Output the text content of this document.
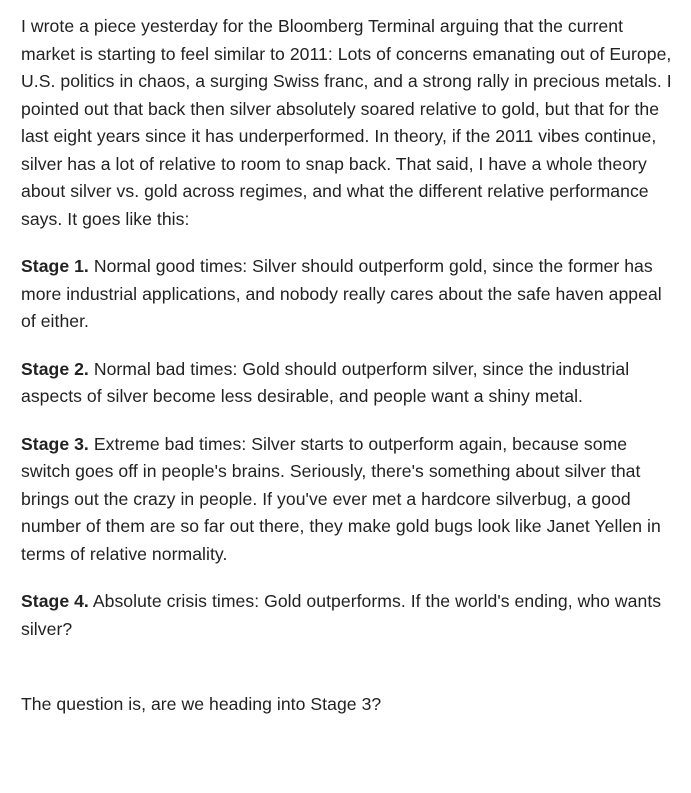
I wrote a piece yesterday for the Bloomberg Terminal arguing that the current market is starting to feel similar to 2011: Lots of concerns emanating out of Europe, U.S. politics in chaos, a surging Swiss franc, and a strong rally in precious metals. I pointed out that back then silver absolutely soared relative to gold, but that for the last eight years since it has underperformed. In theory, if the 2011 vibes continue, silver has a lot of relative to room to snap back. That said, I have a whole theory about silver vs. gold across regimes, and what the different relative performance says. It goes like this:

Stage 1. Normal good times: Silver should outperform gold, since the former has more industrial applications, and nobody really cares about the safe haven appeal of either.

Stage 2. Normal bad times: Gold should outperform silver, since the industrial aspects of silver become less desirable, and people want a shiny metal.

Stage 3. Extreme bad times: Silver starts to outperform again, because some switch goes off in people's brains. Seriously, there's something about silver that brings out the crazy in people. If you've ever met a hardcore silverbug, a good number of them are so far out there, they make gold bugs look like Janet Yellen in terms of relative normality.

Stage 4. Absolute crisis times: Gold outperforms. If the world's ending, who wants silver?

The question is, are we heading into Stage 3?
